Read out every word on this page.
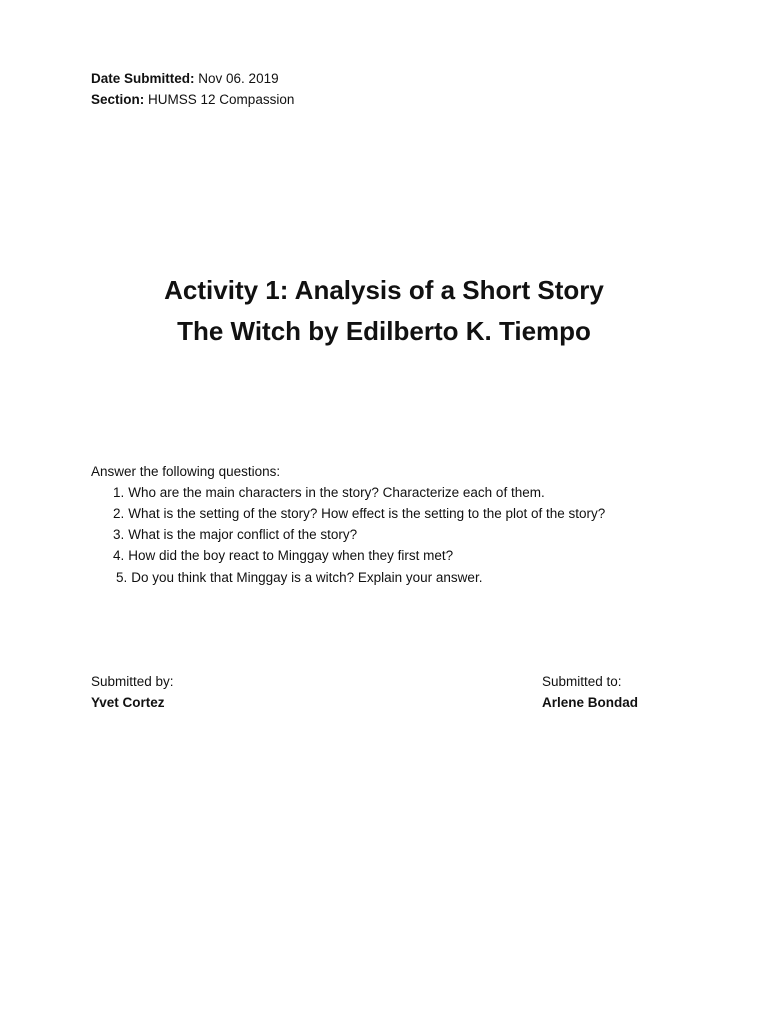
Date Submitted: Nov 06. 2019
Section: HUMSS 12 Compassion
Activity 1: Analysis of a Short Story
The Witch by Edilberto K. Tiempo
Answer the following questions:
1. Who are the main characters in the story? Characterize each of them.
2. What is the setting of the story? How effect is the setting to the plot of the story?
3. What is the major conflict of the story?
4. How did the boy react to Minggay when they first met?
5. Do you think that Minggay is a witch? Explain your answer.
Submitted by:
Yvet Cortez
Submitted to:
Arlene Bondad
